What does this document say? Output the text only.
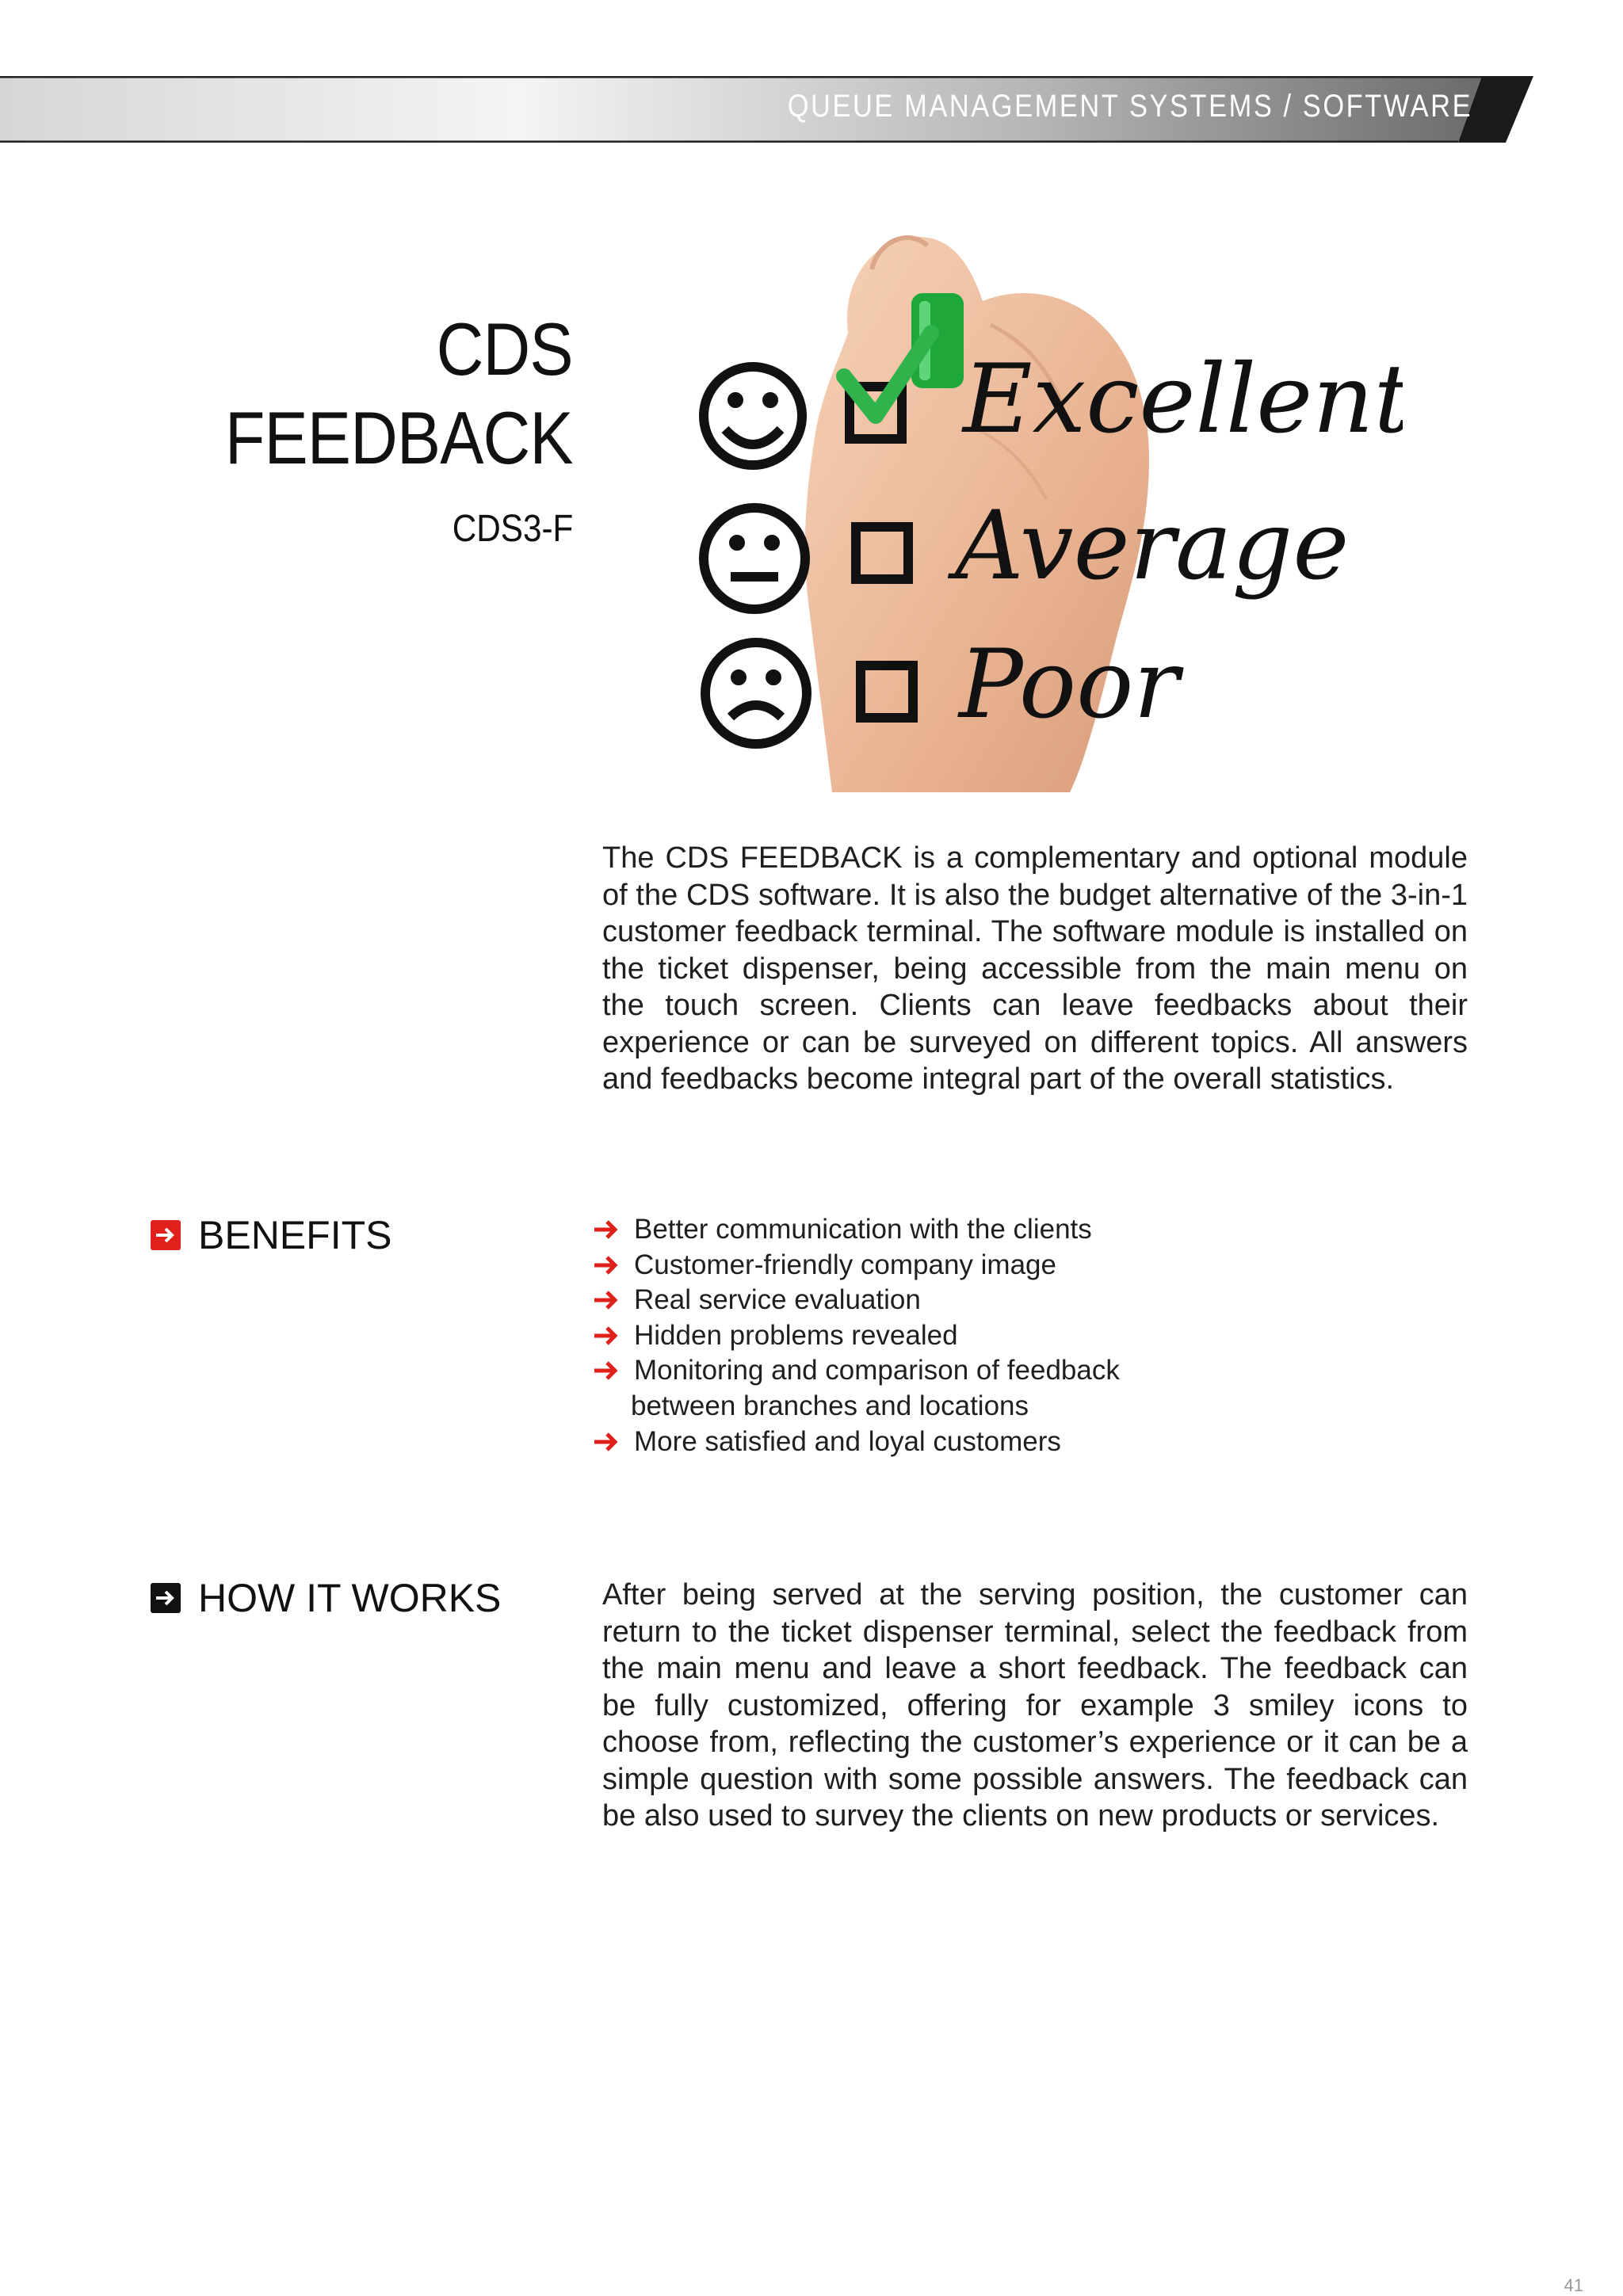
QUEUE MANAGEMENT SYSTEMS / SOFTWARE
CDS
FEEDBACK
CDS3-F
Excellent
Average
Poor
The CDS FEEDBACK is a complementary and optional module of the CDS software. It is also the budget alternative of the 3-in-1 customer feedback terminal. The software module is installed on the ticket dispenser, being accessible from the main menu on the touch screen. Clients can leave feedbacks about their experience or can be surveyed on different topics. All answers and feedbacks become integral part of the overall statistics.
BENEFITS	Better communication with the clients
Customer-friendly company image
Real service evaluation
Hidden problems revealed
Monitoring and comparison of feedback
between branches and locations
More satisfied and loyal customers
HOW IT WORKS	After being served at the serving position, the customer can return to the ticket dispenser terminal, select the feedback from the main menu and leave a short feedback. The feedback can be fully customized, offering for example 3 smiley icons to choose from, reflecting the customer’s experience or it can be a simple question with some possible answers. The feedback can be also used to survey the clients on new products or services.
41
